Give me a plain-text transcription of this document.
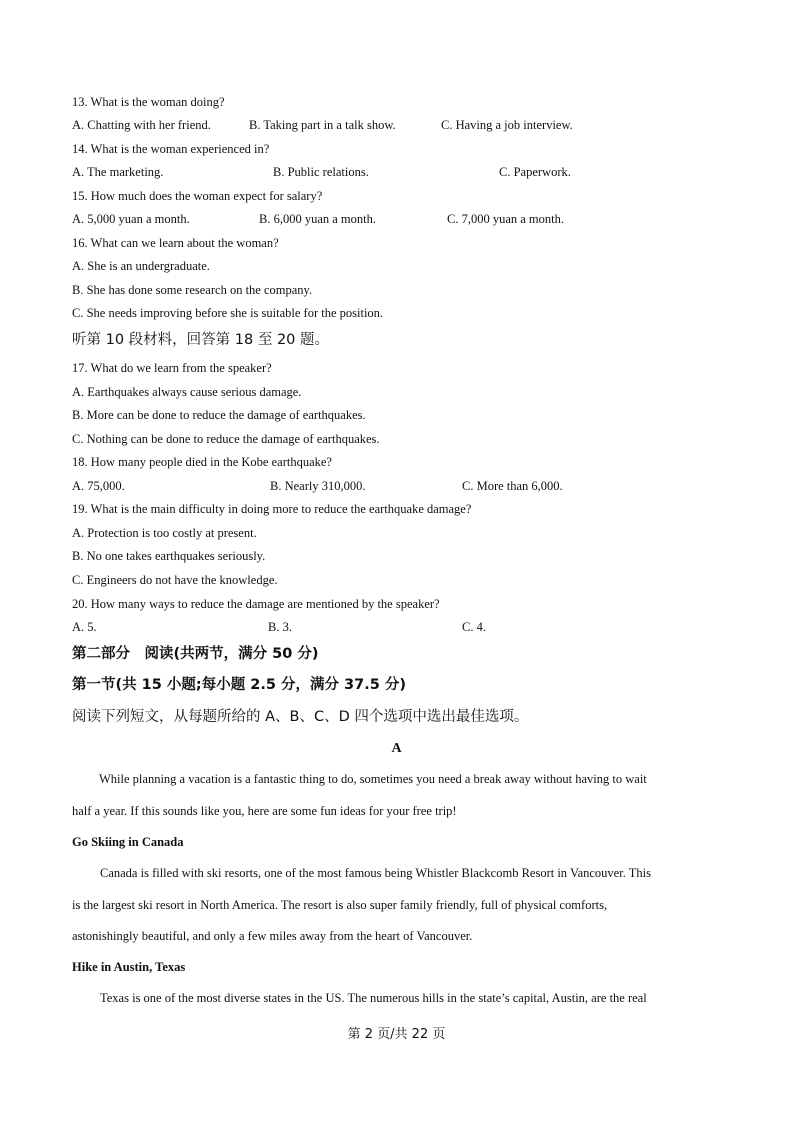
13. What is the woman doing?
A. Chatting with her friend.	B. Taking part in a talk show.	C. Having a job interview.
14. What is the woman experienced in?
A. The marketing.	B. Public relations.	C. Paperwork.
15. How much does the woman expect for salary?
A. 5,000 yuan a month.	B. 6,000 yuan a month.	C. 7,000 yuan a month.
16. What can we learn about the woman?
A. She is an undergraduate.
B. She has done some research on the company.
C. She needs improving before she is suitable for the position.
听第 10 段材料，回答第 18 至 20 题。
17. What do we learn from the speaker?
A. Earthquakes always cause serious damage.
B. More can be done to reduce the damage of earthquakes.
C. Nothing can be done to reduce the damage of earthquakes.
18. How many people died in the Kobe earthquake?
A. 75,000.	B. Nearly 310,000.	C. More than 6,000.
19. What is the main difficulty in doing more to reduce the earthquake damage?
A. Protection is too costly at present.
B. No one takes earthquakes seriously.
C. Engineers do not have the knowledge.
20. How many ways to reduce the damage are mentioned by the speaker?
A. 5.	B. 3.	C. 4.
第二部分　阅读(共两节，满分 50 分)
第一节(共 15 小题;每小题 2.5 分，满分 37.5 分)
阅读下列短文，从每题所给的 A、B、C、D 四个选项中选出最佳选项。
A
While planning a vacation is a fantastic thing to do, sometimes you need a break away without having to wait
half a year. If this sounds like you, here are some fun ideas for your free trip!
Go Skiing in Canada
Canada is filled with ski resorts, one of the most famous being Whistler Blackcomb Resort in Vancouver. This
is the largest ski resort in North America. The resort is also super family friendly, full of physical comforts,
astonishingly beautiful, and only a few miles away from the heart of Vancouver.
Hike in Austin, Texas
Texas is one of the most diverse states in the US. The numerous hills in the state’s capital, Austin, are the real
第 2 页/共 22 页
